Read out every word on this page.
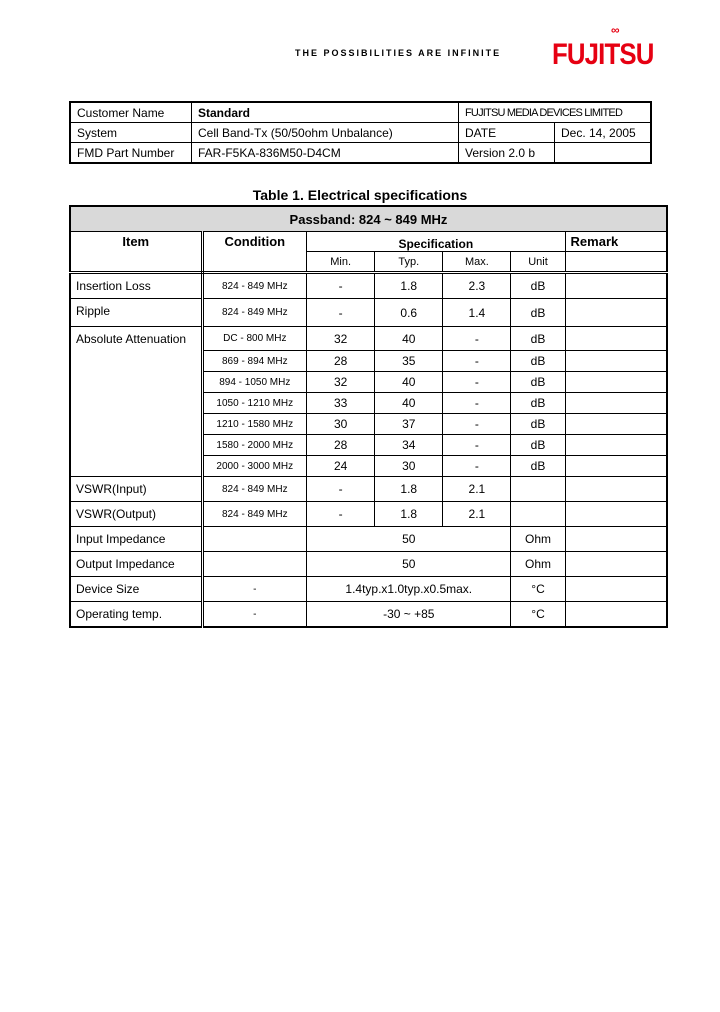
THE POSSIBILITIES ARE INFINITE
∞
FUJITSU
Customer Name	Standard	FUJITSU MEDIA DEVICES LIMITED	
System	Cell Band-Tx (50/50ohm Unbalance)	DATE	Dec. 14, 2005
FMD Part Number	FAR-F5KA-836M50-D4CM	Version 2.0 b	
Table 1. Electrical specifications
Passband: 824 ~ 849 MHz						
Item	Condition	Specification				Remark
		Min.	Typ.	Max.	Unit	
Insertion Loss	824 - 849 MHz	-	1.8	2.3	dB	
Ripple	824 - 849 MHz	-	0.6	1.4	dB	
Absolute Attenuation	DC - 800 MHz	32	40	-	dB	
	869 - 894 MHz	28	35	-	dB	
	894 - 1050 MHz	32	40	-	dB	
	1050 - 1210 MHz	33	40	-	dB	
	1210 - 1580 MHz	30	37	-	dB	
	1580 - 2000 MHz	28	34	-	dB	
	2000 - 3000 MHz	24	30	-	dB	
VSWR(Input)	824 - 849 MHz	-	1.8	2.1		
VSWR(Output)	824 - 849 MHz	-	1.8	2.1		
Input Impedance		50			Ohm	
Output Impedance		50			Ohm	
Device Size	-	1.4typ.x1.0typ.x0.5max.			°C	
Operating temp.	-	-30 ~ +85			°C	
